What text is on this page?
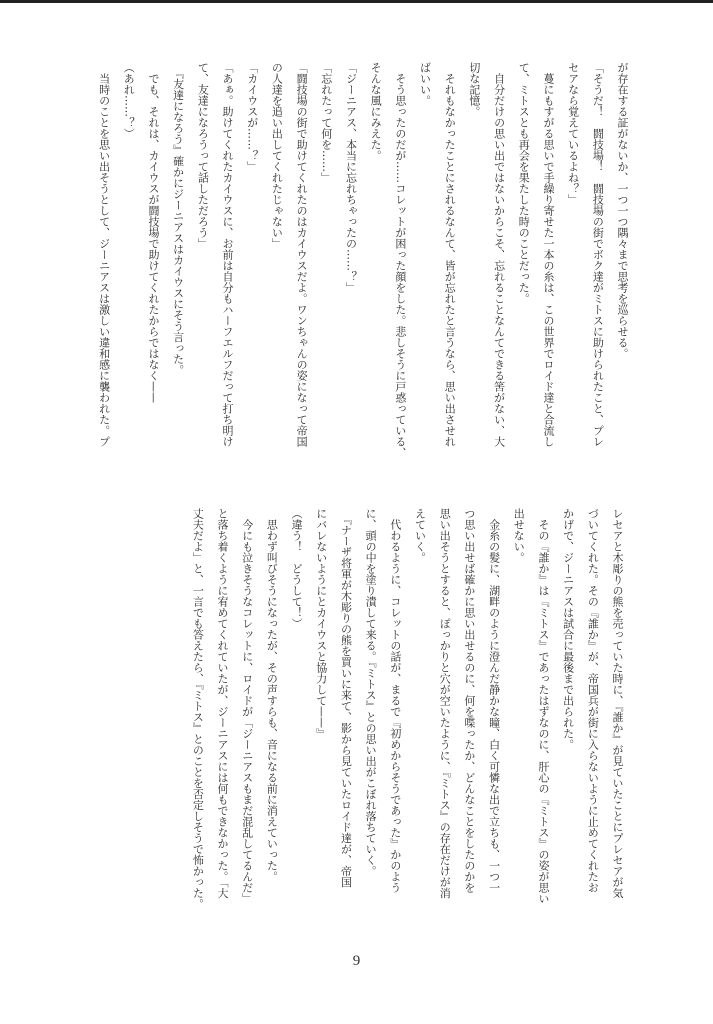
が存在する証がないか、一つ一つ隅々まで思考を巡らせる。

「そうだ！　闘技場！　闘技場の街でボク達がミトスに助けられたこと、プレ

セアなら覚えているよね？」

　蔓にもすがる思いで手繰り寄せた一本の糸は、この世界でロイド達と合流し

て、ミトスとも再会を果たした時のことだった。

　自分だけの思い出ではないからこそ、忘れることなんてできる筈がない、大

切な記憶。

　それもなかったことにされるなんて、皆が忘れたと言うなら、思い出させれ

ばいい。

　そう思ったのだが……コレットが困った顔をした。悲しそうに戸惑っている、

そんな風にみえた。

「ジーニアス、本当に忘れちゃったの……？」

「忘れたって何を……」

「闘技場の街で助けてくれたのはカイウスだよ。ワンちゃんの姿になって帝国

の人達を追い出してくれたじゃない」

「カイウスが……？」

「あぁ。助けてくれたカイウスに、お前は自分もハーフエルフだって打ち明け

て、友達になろうって話しただろう」

　『友達になろう』確かにジーニアスはカイウスにそう言った。

　でも、それは、カイウスが闘技場で助けてくれたからではなく——

（あれ……？）

　当時のことを思い出そうとして、ジーニアスは激しい違和感に襲われた。プ

レセアと木彫りの熊を売っていた時に、『誰か』が見ていたことにプレセアが気

づいてくれた。その『誰か』が、帝国兵が街に入らないように止めてくれたお

かげで、ジーニアスは試合に最後まで出られた。

　その『誰か』は『ミトス』であったはずなのに、肝心の『ミトス』の姿が思い

出せない。

　金糸の髪に、湖畔のように澄んだ静かな瞳、白く可憐な出で立ちも、一つ一

つ思い出せば確かに思い出せるのに、何を喋ったか、どんなことをしたのかを

思い出そうとすると、ぽっかりと穴が空いたように、『ミトス』の存在だけが消

えていく。

　代わるように、コレットの話が、まるで『初めからそうであった』かのよう

に、頭の中を塗り潰して来る。『ミトス』との思い出がこぼれ落ちていく。

　『ナーザ将軍が木彫りの熊を買いに来て、影から見ていたロイド達が、帝国

にバレないようにとカイウスと協力して——』

（違う！　どうして！）

　思わず叫びそうになったが、その声すらも、音になる前に消えていった。

　今にも泣きそうなコレットに、ロイドが「ジーニアスもまだ混乱してるんだ」

と落ち着くように宥めてくれていたが、ジーニアスには何もできなかった。「大

丈夫だよ」と、一言でも答えたら、『ミトス』とのことを否定しそうで怖かった。

9
